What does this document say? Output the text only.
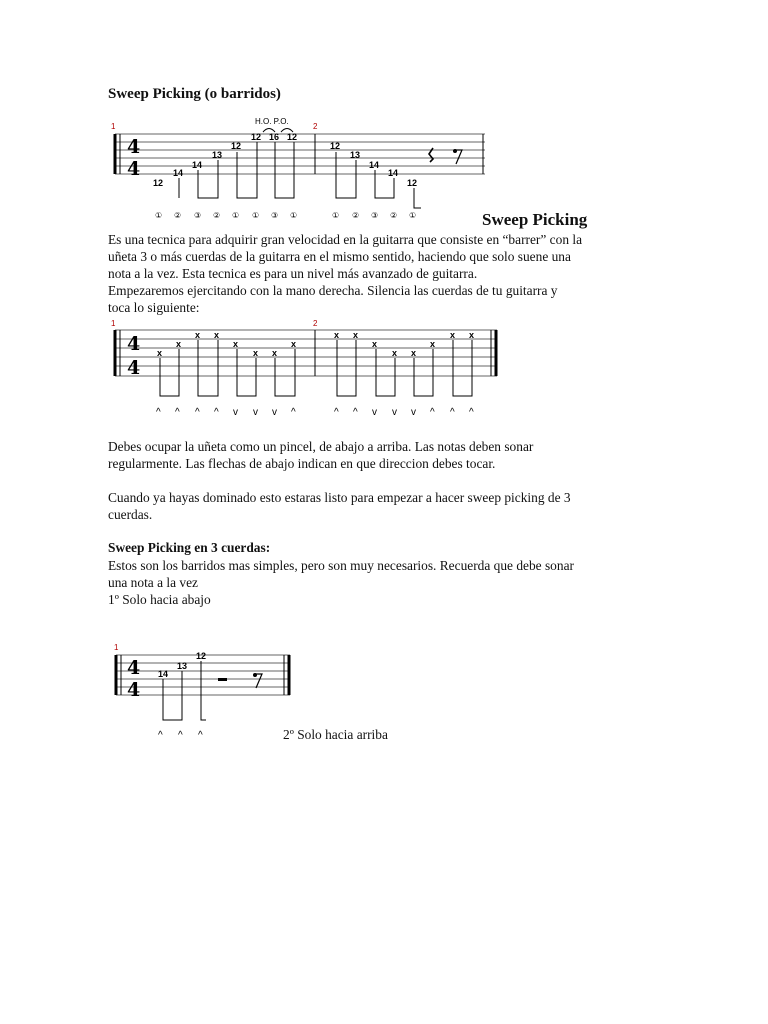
Sweep Picking (o barridos)
1	2
4
4
H.O. P.O.
12
14
14
13
12
12 16 12
12
13
14
14
12
① ② ③ ② ① ① ③ ①	① ② ③ ② ①	Sweep Picking
Es una tecnica para adquirir gran velocidad en la guitarra que consiste en “barrer” con la
uñeta 3 o más cuerdas de la guitarra en el mismo sentido, haciendo que solo suene una
nota a la vez. Esta tecnica es para un nivel más avanzado de guitarra.
Empezaremos ejercitando con la mano derecha. Silencia las cuerdas de tu guitarra y
toca lo siguiente:
1	2
4
4
x
x
x x
x
x x
x
x x
x
x x
x
x x
^ ^ ^ ^ v v v ^	^ ^ v v v ^ ^ ^
Debes ocupar la uñeta como un pincel, de abajo a arriba. Las notas deben sonar
regularmente. Las flechas de abajo indican en que direccion debes tocar.
Cuando ya hayas dominado esto estaras listo para empezar a hacer sweep picking de 3
cuerdas.
Sweep Picking en 3 cuerdas:
Estos son los barridos mas simples, pero son muy necesarios. Recuerda que debe sonar
una nota a la vez
1º Solo hacia abajo
1
4
4
14
13
12
^ ^ ^	2º Solo hacia arriba
